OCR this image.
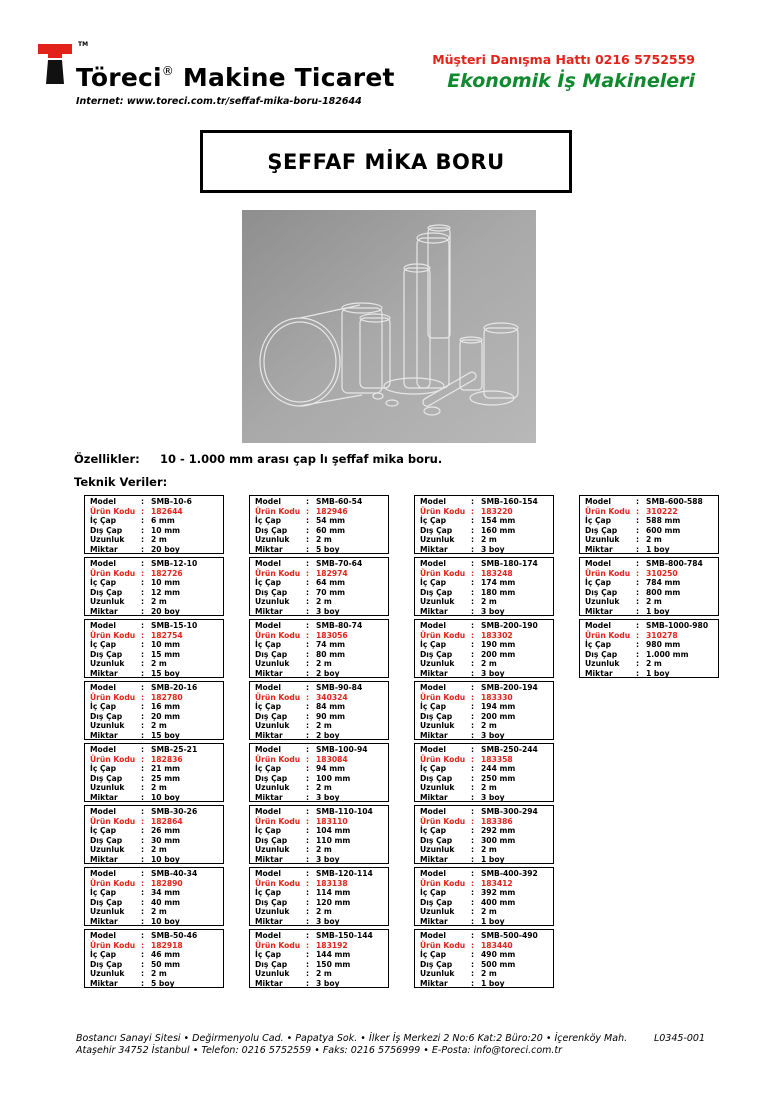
TM
Töreci® Makine Ticaret
Internet: www.toreci.com.tr/seffaf-mika-boru-182644
Müşteri Danışma Hattı 0216 5752559
Ekonomik İş Makineleri
ŞEFFAF MİKA BORU
Özellikler: 10 - 1.000 mm arası çap lı şeffaf mika boru.
Teknik Veriler:
Model	: SMB-10-6
Ürün Kodu : 182644
İç Çap	: 6 mm
Dış Çap : 10 mm
Uzunluk : 2 m
Miktar	: 20 boy
Model	: SMB-12-10
Ürün Kodu : 182726
İç Çap	: 10 mm
Dış Çap : 12 mm
Uzunluk : 2 m
Miktar	: 20 boy
Model	: SMB-15-10
Ürün Kodu : 182754
İç Çap	: 10 mm
Dış Çap : 15 mm
Uzunluk : 2 m
Miktar	: 15 boy
Model	: SMB-20-16
Ürün Kodu : 182780
İç Çap	: 16 mm
Dış Çap : 20 mm
Uzunluk : 2 m
Miktar	: 15 boy
Model	: SMB-25-21
Ürün Kodu : 182836
İç Çap	: 21 mm
Dış Çap : 25 mm
Uzunluk : 2 m
Miktar	: 10 boy
Model	: SMB-30-26
Ürün Kodu : 182864
İç Çap	: 26 mm
Dış Çap : 30 mm
Uzunluk : 2 m
Miktar	: 10 boy
Model	: SMB-40-34
Ürün Kodu : 182890
İç Çap	: 34 mm
Dış Çap : 40 mm
Uzunluk : 2 m
Miktar	: 10 boy
Model	: SMB-50-46
Ürün Kodu : 182918
İç Çap	: 46 mm
Dış Çap : 50 mm
Uzunluk : 2 m
Miktar	: 5 boy
Model	: SMB-60-54
Ürün Kodu : 182946
İç Çap	: 54 mm
Dış Çap : 60 mm
Uzunluk : 2 m
Miktar	: 5 boy
Model	: SMB-70-64
Ürün Kodu : 182974
İç Çap	: 64 mm
Dış Çap : 70 mm
Uzunluk : 2 m
Miktar	: 3 boy
Model	: SMB-80-74
Ürün Kodu : 183056
İç Çap	: 74 mm
Dış Çap : 80 mm
Uzunluk : 2 m
Miktar	: 2 boy
Model	: SMB-90-84
Ürün Kodu : 340324
İç Çap	: 84 mm
Dış Çap : 90 mm
Uzunluk : 2 m
Miktar	: 2 boy
Model	: SMB-100-94
Ürün Kodu : 183084
İç Çap	: 94 mm
Dış Çap : 100 mm
Uzunluk : 2 m
Miktar	: 3 boy
Model	: SMB-110-104
Ürün Kodu : 183110
İç Çap	: 104 mm
Dış Çap : 110 mm
Uzunluk : 2 m
Miktar	: 3 boy
Model	: SMB-120-114
Ürün Kodu : 183138
İç Çap	: 114 mm
Dış Çap : 120 mm
Uzunluk : 2 m
Miktar	: 3 boy
Model	: SMB-150-144
Ürün Kodu : 183192
İç Çap	: 144 mm
Dış Çap : 150 mm
Uzunluk : 2 m
Miktar	: 3 boy
Model	: SMB-160-154
Ürün Kodu : 183220
İç Çap	: 154 mm
Dış Çap : 160 mm
Uzunluk : 2 m
Miktar	: 3 boy
Model	: SMB-180-174
Ürün Kodu : 183248
İç Çap	: 174 mm
Dış Çap : 180 mm
Uzunluk : 2 m
Miktar	: 3 boy
Model	: SMB-200-190
Ürün Kodu : 183302
İç Çap	: 190 mm
Dış Çap : 200 mm
Uzunluk : 2 m
Miktar	: 3 boy
Model	: SMB-200-194
Ürün Kodu : 183330
İç Çap	: 194 mm
Dış Çap : 200 mm
Uzunluk : 2 m
Miktar	: 3 boy
Model	: SMB-250-244
Ürün Kodu : 183358
İç Çap	: 244 mm
Dış Çap : 250 mm
Uzunluk : 2 m
Miktar	: 3 boy
Model	: SMB-300-294
Ürün Kodu : 183386
İç Çap	: 292 mm
Dış Çap : 300 mm
Uzunluk : 2 m
Miktar	: 1 boy
Model	: SMB-400-392
Ürün Kodu : 183412
İç Çap	: 392 mm
Dış Çap : 400 mm
Uzunluk : 2 m
Miktar	: 1 boy
Model	: SMB-500-490
Ürün Kodu : 183440
İç Çap	: 490 mm
Dış Çap : 500 mm
Uzunluk : 2 m
Miktar	: 1 boy
Model	: SMB-600-588
Ürün Kodu : 310222
İç Çap	: 588 mm
Dış Çap : 600 mm
Uzunluk : 2 m
Miktar	: 1 boy
Model	: SMB-800-784
Ürün Kodu : 310250
İç Çap	: 784 mm
Dış Çap : 800 mm
Uzunluk : 2 m
Miktar	: 1 boy
Model	: SMB-1000-980
Ürün Kodu : 310278
İç Çap	: 980 mm
Dış Çap : 1.000 mm
Uzunluk : 2 m
Miktar	: 1 boy
Bostancı Sanayi Sitesi • Değirmenyolu Cad. • Papatya Sok. • İlker İş Merkezi 2 No:6 Kat:2 Büro:20 • İçerenköy Mah.
Ataşehir 34752 İstanbul • Telefon: 0216 5752559 • Faks: 0216 5756999 • E-Posta: info@toreci.com.tr
L0345-001
